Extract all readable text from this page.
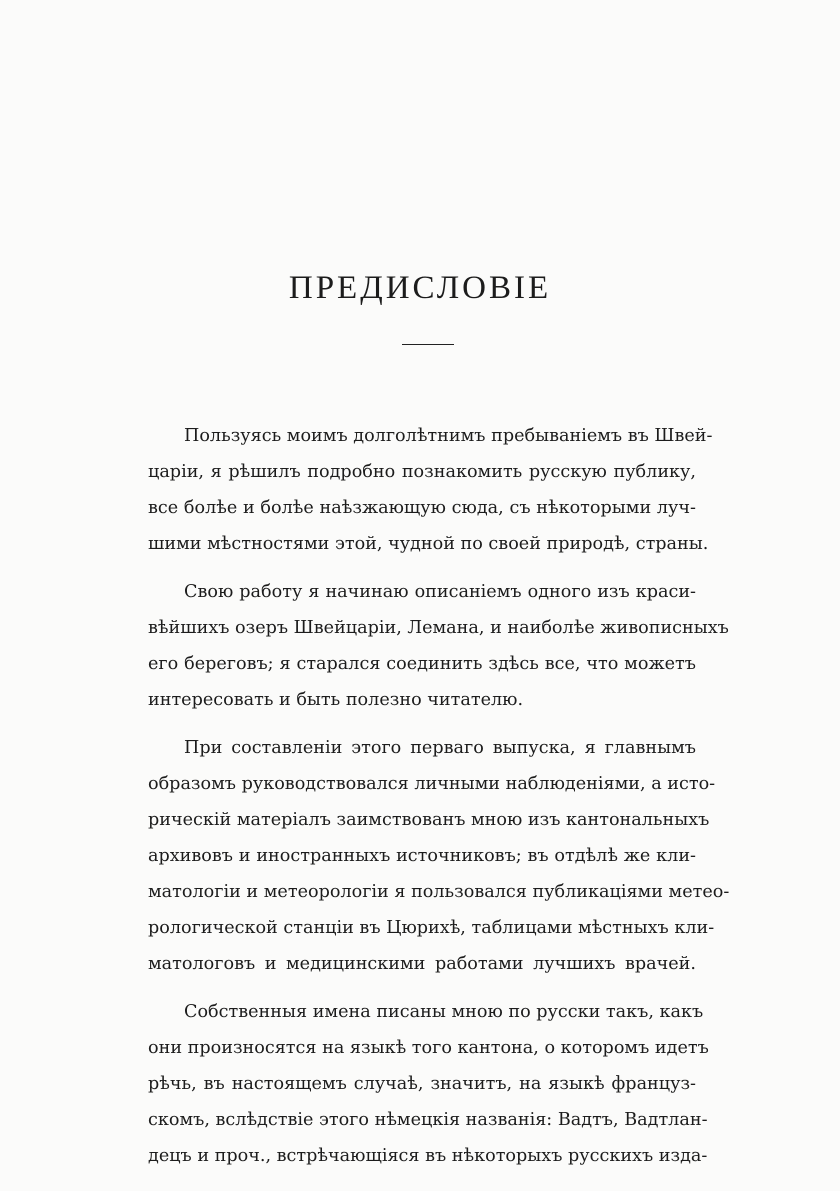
ПРЕДИСЛОВІЕ
Пользуясь моимъ долголѣтнимъ пребываніемъ въ Швей-
царіи, я рѣшилъ подробно познакомить русскую публику,
все болѣе и болѣе наѣзжающую сюда, съ нѣкоторыми луч-
шими мѣстностями этой, чудной по своей природѣ, страны.
Свою работу я начинаю описаніемъ одного изъ краси-
вѣйшихъ озеръ Швейцаріи, Лемана, и наиболѣе живописныхъ
его береговъ; я старался соединить здѣсь все, что можетъ
интересовать и быть полезно читателю.
При составленіи этого перваго выпуска, я главнымъ
образомъ руководствовался личными наблюденіями, а исто-
рическій матеріалъ заимствованъ мною изъ кантональныхъ
архивовъ и иностранныхъ источниковъ; въ отдѣлѣ же кли-
матологіи и метеорологіи я пользовался публикаціями метео-
рологической станціи въ Цюрихѣ, таблицами мѣстныхъ кли-
матологовъ и медицинскими работами лучшихъ врачей.
Собственныя имена писаны мною по русски такъ, какъ
они произносятся на языкѣ того кантона, о которомъ идетъ
рѣчь, въ настоящемъ случаѣ, значитъ, на языкѣ француз-
скомъ, вслѣдствіе этого нѣмецкія названія: Вадтъ, Вадтлан-
децъ и проч., встрѣчающіяся въ нѣкоторыхъ русскихъ изда-
